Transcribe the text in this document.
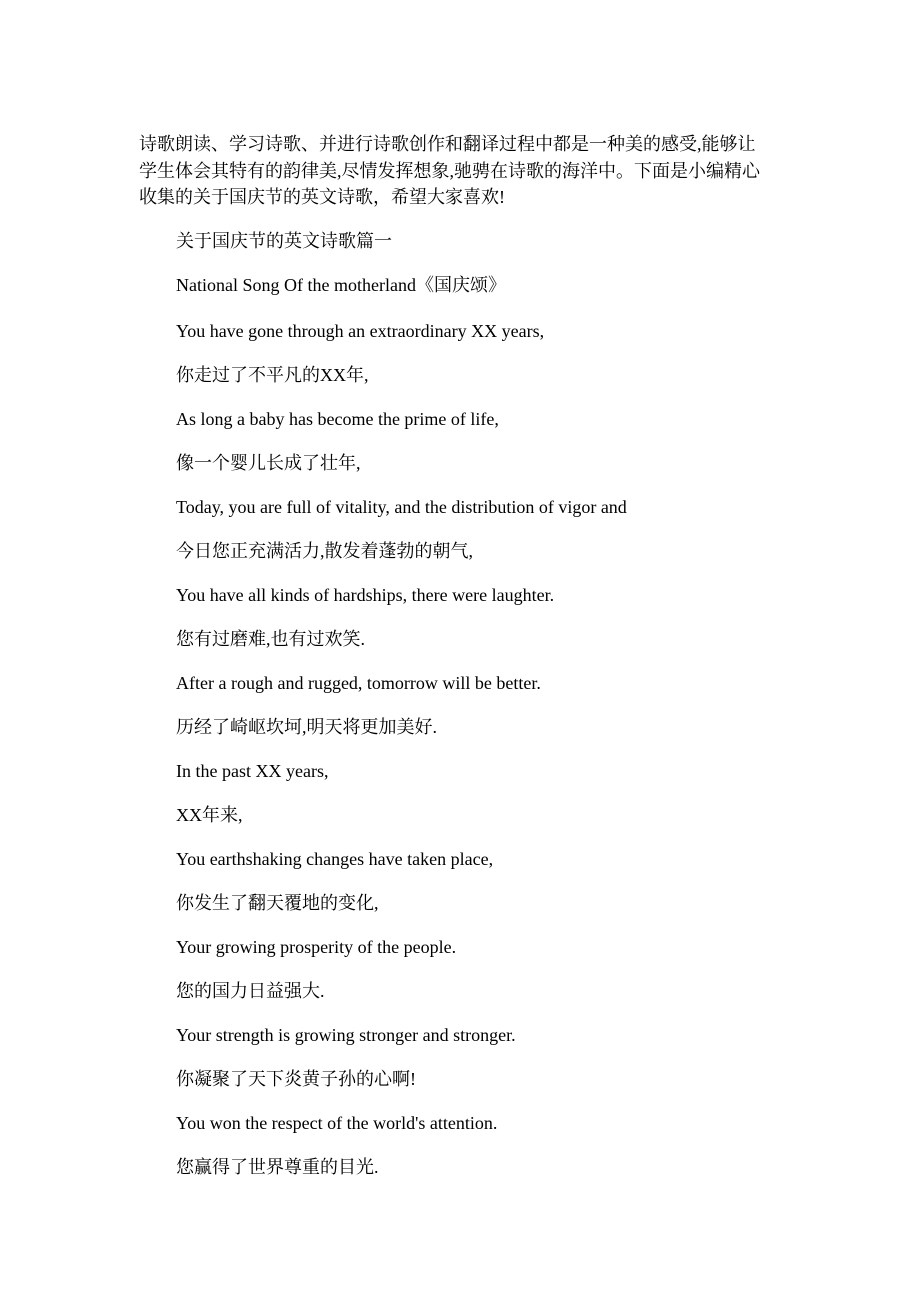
诗歌朗读、学习诗歌、并进行诗歌创作和翻译过程中都是一种美的感受,能够让
学生体会其特有的韵律美,尽情发挥想象,驰骋在诗歌的海洋中。下面是小编精心
收集的关于国庆节的英文诗歌，希望大家喜欢!

关于国庆节的英文诗歌篇一

National Song Of the motherland《国庆颂》

You have gone through an extraordinary XX years,

你走过了不平凡的XX年,

As long a baby has become the prime of life,

像一个婴儿长成了壮年,

Today, you are full of vitality, and the distribution of vigor and

今日您正充满活力,散发着蓬勃的朝气,

You have all kinds of hardships, there were laughter.

您有过磨难,也有过欢笑.

After a rough and rugged, tomorrow will be better.

历经了崎岖坎坷,明天将更加美好.

In the past XX years,

XX年来,

You earthshaking changes have taken place,

你发生了翻天覆地的变化,

Your growing prosperity of the people.

您的国力日益强大.

Your strength is growing stronger and stronger.

你凝聚了天下炎黄子孙的心啊!

You won the respect of the world's attention.

您赢得了世界尊重的目光.
